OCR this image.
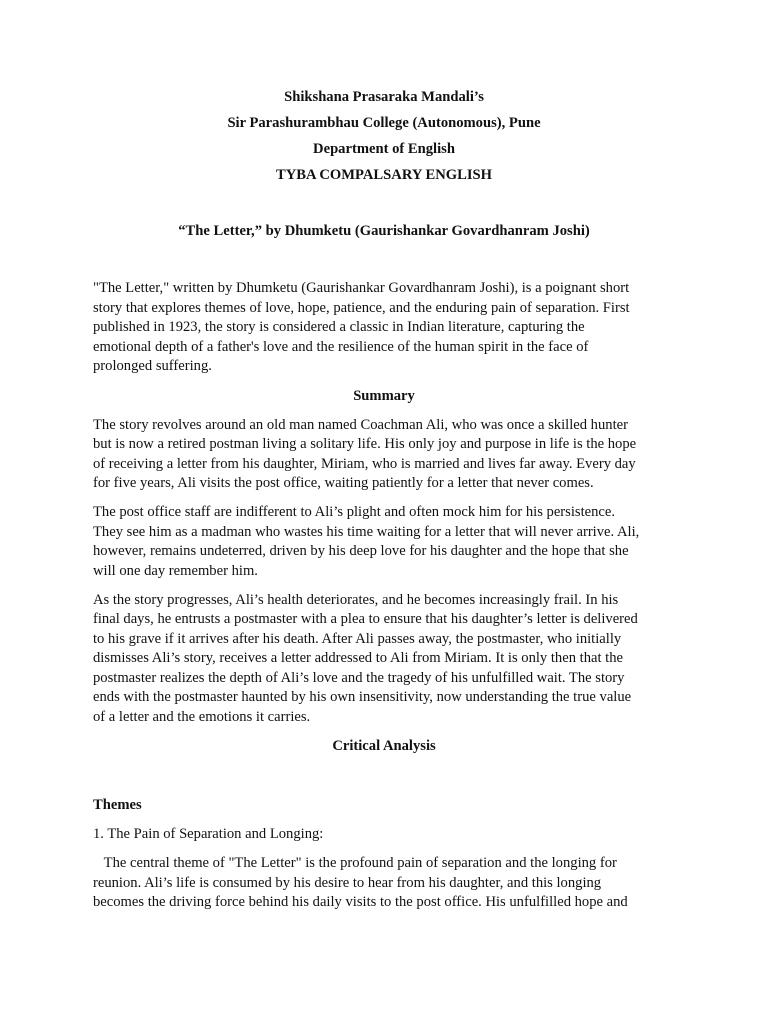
Shikshana Prasaraka Mandali’s
Sir Parashurambhau College (Autonomous), Pune
Department of English
TYBA COMPALSARY ENGLISH
“The Letter,” by Dhumketu (Gaurishankar Govardhanram Joshi)
"The Letter," written by Dhumketu (Gaurishankar Govardhanram Joshi), is a poignant short
story that explores themes of love, hope, patience, and the enduring pain of separation. First
published in 1923, the story is considered a classic in Indian literature, capturing the
emotional depth of a father's love and the resilience of the human spirit in the face of
prolonged suffering.
Summary
The story revolves around an old man named Coachman Ali, who was once a skilled hunter
but is now a retired postman living a solitary life. His only joy and purpose in life is the hope
of receiving a letter from his daughter, Miriam, who is married and lives far away. Every day
for five years, Ali visits the post office, waiting patiently for a letter that never comes.
The post office staff are indifferent to Ali’s plight and often mock him for his persistence.
They see him as a madman who wastes his time waiting for a letter that will never arrive. Ali,
however, remains undeterred, driven by his deep love for his daughter and the hope that she
will one day remember him.
As the story progresses, Ali’s health deteriorates, and he becomes increasingly frail. In his
final days, he entrusts a postmaster with a plea to ensure that his daughter’s letter is delivered
to his grave if it arrives after his death. After Ali passes away, the postmaster, who initially
dismisses Ali’s story, receives a letter addressed to Ali from Miriam. It is only then that the
postmaster realizes the depth of Ali’s love and the tragedy of his unfulfilled wait. The story
ends with the postmaster haunted by his own insensitivity, now understanding the true value
of a letter and the emotions it carries.
Critical Analysis
Themes
1. The Pain of Separation and Longing:
The central theme of "The Letter" is the profound pain of separation and the longing for
reunion. Ali’s life is consumed by his desire to hear from his daughter, and this longing
becomes the driving force behind his daily visits to the post office. His unfulfilled hope and
